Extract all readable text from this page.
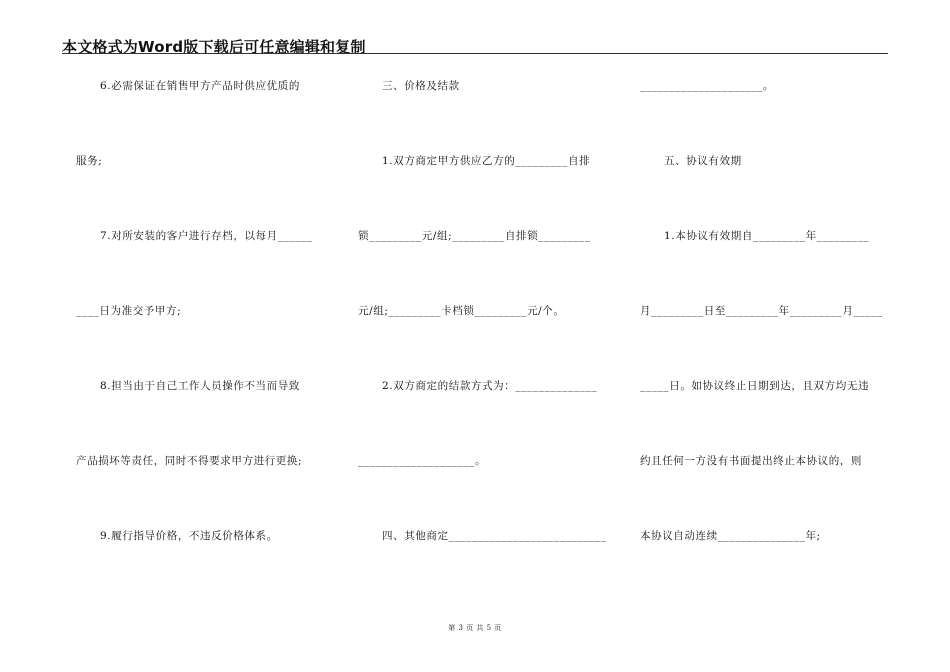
本文格式为Word版下载后可任意编辑和复制
6.必需保证在销售甲方产品时供应优质的
服务;
7.对所安装的客户进行存档，以每月______
____日为准交予甲方;
8.担当由于自己工作人员操作不当而导致
产品损坏等责任，同时不得要求甲方进行更换;
9.履行指导价格，不违反价格体系。
三、价格及结款
1.双方商定甲方供应乙方的_________自排
锁_________元/组;_________自排锁_________
元/组;_________卡档锁_________元/个。
2.双方商定的结款方式为：______________
____________________。
四、其他商定___________________________
_____________________。
五、协议有效期
1.本协议有效期自_________年_________
月_________日至_________年_________月_____
_____日。如协议终止日期到达，且双方均无违
约且任何一方没有书面提出终止本协议的，则
本协议自动连续_______________年;
第 3 页 共 5 页
